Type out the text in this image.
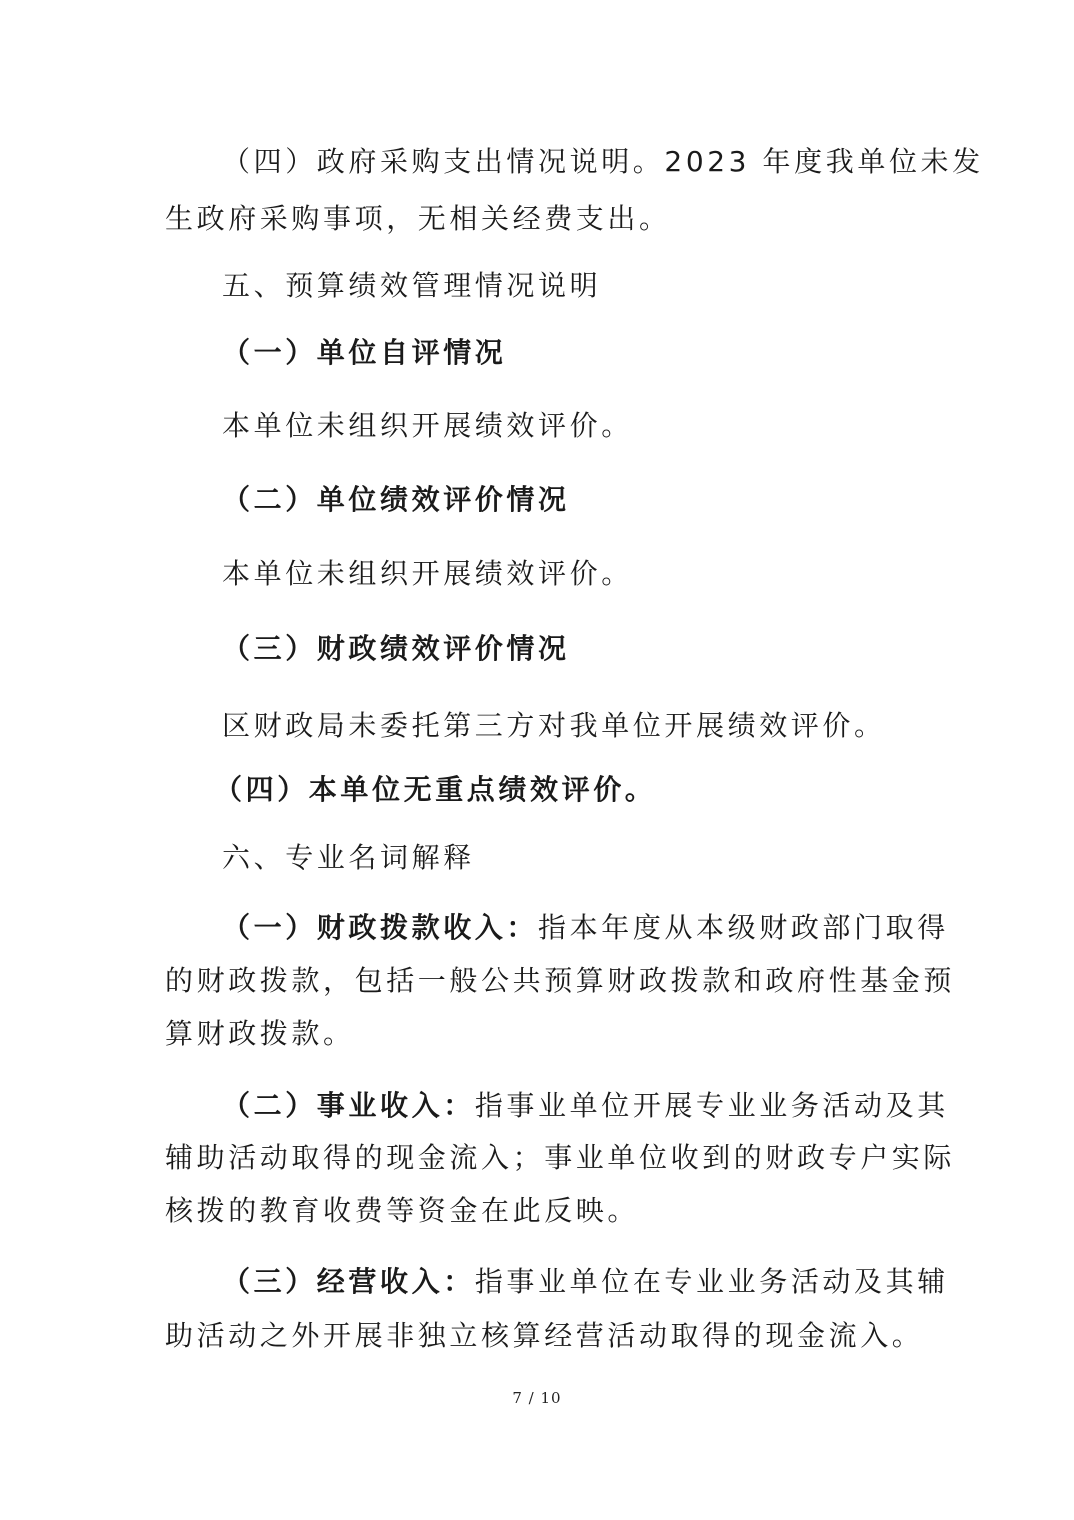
（四）政府采购支出情况说明。2023 年度我单位未发
生政府采购事项，无相关经费支出。
五、预算绩效管理情况说明
（一）单位自评情况
本单位未组织开展绩效评价。
（二）单位绩效评价情况
本单位未组织开展绩效评价。
（三）财政绩效评价情况
区财政局未委托第三方对我单位开展绩效评价。
（四）本单位无重点绩效评价。
六、专业名词解释
（一）财政拨款收入：指本年度从本级财政部门取得
的财政拨款，包括一般公共预算财政拨款和政府性基金预
算财政拨款。
（二）事业收入：指事业单位开展专业业务活动及其
辅助活动取得的现金流入；事业单位收到的财政专户实际
核拨的教育收费等资金在此反映。
（三）经营收入：指事业单位在专业业务活动及其辅
助活动之外开展非独立核算经营活动取得的现金流入。
7 / 10
